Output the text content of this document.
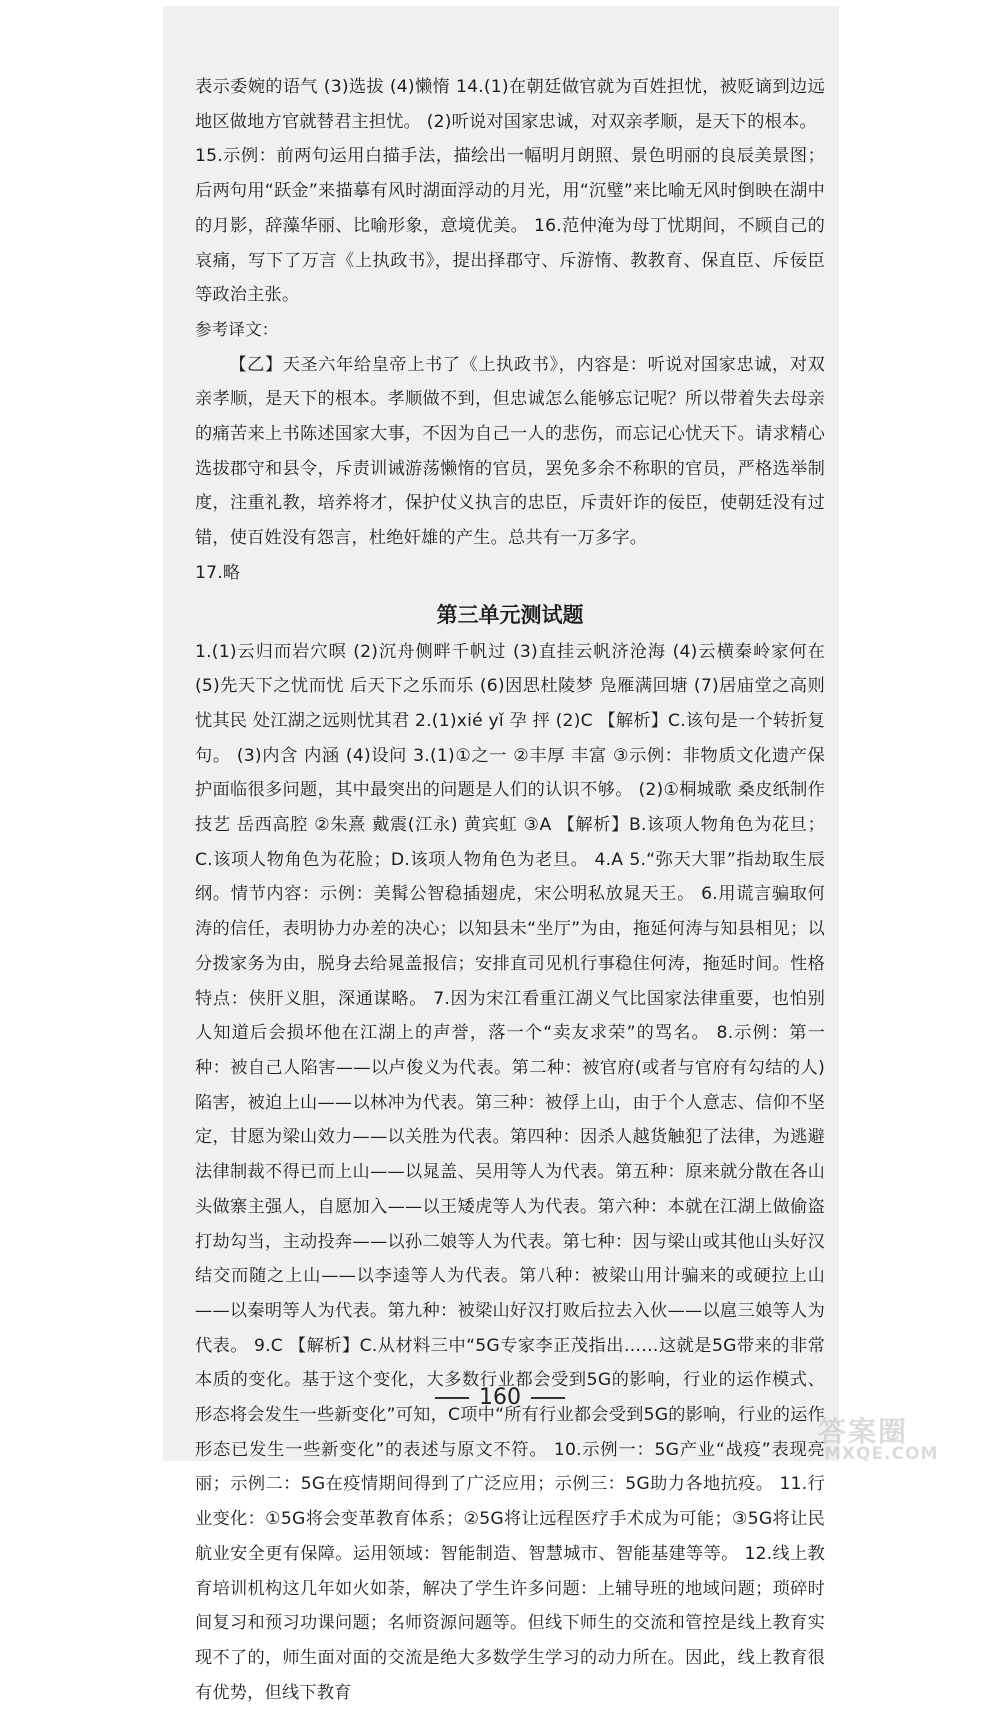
表示委婉的语气 (3)选拔 (4)懒惰 14.(1)在朝廷做官就为百姓担忧，被贬谪到边远地区做地方官就替君主担忧。 (2)听说对国家忠诚，对双亲孝顺，是天下的根本。

15.示例：前两句运用白描手法，描绘出一幅明月朗照、景色明丽的良辰美景图；后两句用“跃金”来描摹有风时湖面浮动的月光，用“沉璧”来比喻无风时倒映在湖中的月影，辞藻华丽、比喻形象，意境优美。 16.范仲淹为母丁忧期间，不顾自己的哀痛，写下了万言《上执政书》，提出择郡守、斥游惰、教教育、保直臣、斥佞臣等政治主张。

参考译文：

【乙】天圣六年给皇帝上书了《上执政书》，内容是：听说对国家忠诚，对双亲孝顺，是天下的根本。孝顺做不到，但忠诚怎么能够忘记呢？所以带着失去母亲的痛苦来上书陈述国家大事，不因为自己一人的悲伤，而忘记心忧天下。请求精心选拔郡守和县令，斥责训诫游荡懒惰的官员，罢免多余不称职的官员，严格选举制度，注重礼教，培养将才，保护仗义执言的忠臣，斥责奸诈的佞臣，使朝廷没有过错，使百姓没有怨言，杜绝奸雄的产生。总共有一万多字。

17.略

第三单元测试题

1.(1)云归而岩穴暝 (2)沉舟侧畔千帆过 (3)直挂云帆济沧海 (4)云横秦岭家何在 (5)先天下之忧而忧 后天下之乐而乐 (6)因思杜陵梦 凫雁满回塘 (7)居庙堂之高则忧其民 处江湖之远则忧其君 2.(1)xié yǐ 孕 抨 (2)C 【解析】C.该句是一个转折复句。 (3)内含 内涵 (4)设问 3.(1)①之一 ②丰厚 丰富 ③示例：非物质文化遗产保护面临很多问题，其中最突出的问题是人们的认识不够。 (2)①桐城歌 桑皮纸制作技艺 岳西高腔 ②朱熹 戴震(江永) 黄宾虹 ③A 【解析】B.该项人物角色为花旦；C.该项人物角色为花脸；D.该项人物角色为老旦。 4.A 5.“弥天大罪”指劫取生辰纲。情节内容：示例：美髯公智稳插翅虎，宋公明私放晁天王。 6.用谎言骗取何涛的信任，表明协力办差的决心；以知县未“坐厅”为由，拖延何涛与知县相见；以分拨家务为由，脱身去给晁盖报信；安排直司见机行事稳住何涛，拖延时间。性格特点：侠肝义胆，深通谋略。 7.因为宋江看重江湖义气比国家法律重要，也怕别人知道后会损坏他在江湖上的声誉，落一个“卖友求荣”的骂名。 8.示例：第一种：被自己人陷害——以卢俊义为代表。第二种：被官府(或者与官府有勾结的人)陷害，被迫上山——以林冲为代表。第三种：被俘上山，由于个人意志、信仰不坚定，甘愿为梁山效力——以关胜为代表。第四种：因杀人越货触犯了法律，为逃避法律制裁不得已而上山——以晁盖、吴用等人为代表。第五种：原来就分散在各山头做寨主强人，自愿加入——以王矮虎等人为代表。第六种：本就在江湖上做偷盗打劫勾当，主动投奔——以孙二娘等人为代表。第七种：因与梁山或其他山头好汉结交而随之上山——以李逵等人为代表。第八种：被梁山用计骗来的或硬拉上山——以秦明等人为代表。第九种：被梁山好汉打败后拉去入伙——以扈三娘等人为代表。 9.C 【解析】C.从材料三中“5G专家李正茂指出……这就是5G带来的非常本质的变化。基于这个变化，大多数行业都会受到5G的影响，行业的运作模式、形态将会发生一些新变化”可知，C项中“所有行业都会受到5G的影响，行业的运作形态已发生一些新变化”的表述与原文不符。 10.示例一：5G产业“战疫”表现亮丽；示例二：5G在疫情期间得到了广泛应用；示例三：5G助力各地抗疫。 11.行业变化：①5G将会变革教育体系；②5G将让远程医疗手术成为可能；③5G将让民航业安全更有保障。运用领域：智能制造、智慧城市、智能基建等等。 12.线上教育培训机构这几年如火如荼，解决了学生许多问题：上辅导班的地域问题；琐碎时间复习和预习功课问题；名师资源问题等。但线下师生的交流和管控是线上教育实现不了的，师生面对面的交流是绝大多数学生学习的动力所在。因此，线上教育很有优势，但线下教育

160
答案圈
MXQE.COM
